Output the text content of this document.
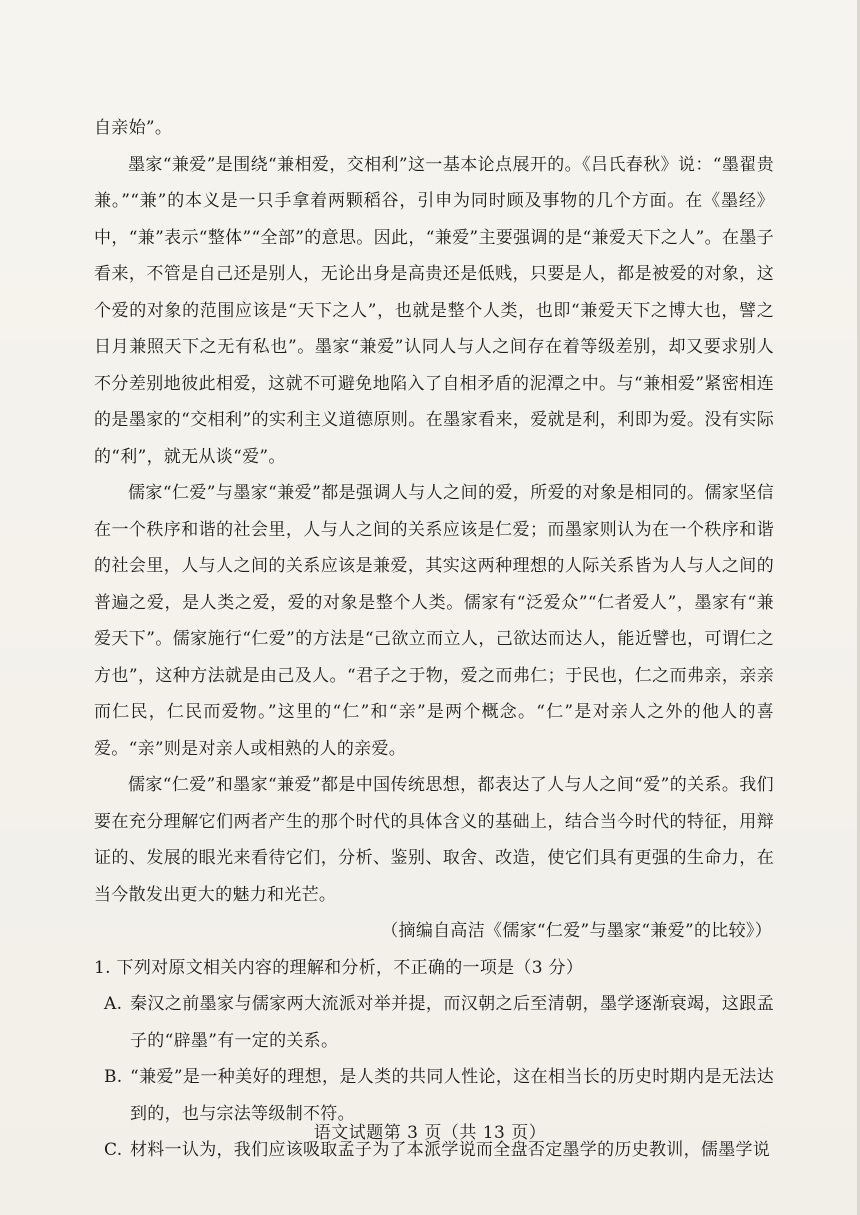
自亲始”。

墨家“兼爱”是围绕“兼相爱，交相利”这一基本论点展开的。《吕氏春秋》说：“墨翟贵兼。”“兼”的本义是一只手拿着两颗稻谷，引申为同时顾及事物的几个方面。在《墨经》中，“兼”表示“整体”“全部”的意思。因此，“兼爱”主要强调的是“兼爱天下之人”。在墨子看来，不管是自己还是别人，无论出身是高贵还是低贱，只要是人，都是被爱的对象，这个爱的对象的范围应该是“天下之人”，也就是整个人类，也即“兼爱天下之博大也，譬之日月兼照天下之无有私也”。墨家“兼爱”认同人与人之间存在着等级差别，却又要求别人不分差别地彼此相爱，这就不可避免地陷入了自相矛盾的泥潭之中。与“兼相爱”紧密相连的是墨家的“交相利”的实利主义道德原则。在墨家看来，爱就是利，利即为爱。没有实际的“利”，就无从谈“爱”。

儒家“仁爱”与墨家“兼爱”都是强调人与人之间的爱，所爱的对象是相同的。儒家坚信在一个秩序和谐的社会里，人与人之间的关系应该是仁爱；而墨家则认为在一个秩序和谐的社会里，人与人之间的关系应该是兼爱，其实这两种理想的人际关系皆为人与人之间的普遍之爱，是人类之爱，爱的对象是整个人类。儒家有“泛爱众”“仁者爱人”，墨家有“兼爱天下”。儒家施行“仁爱”的方法是“己欲立而立人，己欲达而达人，能近譬也，可谓仁之方也”，这种方法就是由己及人。“君子之于物，爱之而弗仁；于民也，仁之而弗亲，亲亲而仁民，仁民而爱物。”这里的“仁”和“亲”是两个概念。“仁”是对亲人之外的他人的喜爱。“亲”则是对亲人或相熟的人的亲爱。

儒家“仁爱”和墨家“兼爱”都是中国传统思想，都表达了人与人之间“爱”的关系。我们要在充分理解它们两者产生的那个时代的具体含义的基础上，结合当今时代的特征，用辩证的、发展的眼光来看待它们，分析、鉴别、取舍、改造，使它们具有更强的生命力，在当今散发出更大的魅力和光芒。

（摘编自高洁《儒家“仁爱”与墨家“兼爱”的比较》）

1. 下列对原文相关内容的理解和分析，不正确的一项是（3 分）

A. 秦汉之前墨家与儒家两大流派对举并提，而汉朝之后至清朝，墨学逐渐衰竭，这跟孟子的“辟墨”有一定的关系。
B. “兼爱”是一种美好的理想，是人类的共同人性论，这在相当长的历史时期内是无法达到的，也与宗法等级制不符。
C. 材料一认为，我们应该吸取孟子为了本派学说而全盘否定墨学的历史教训，儒墨学说
语文试题第 3 页（共 13 页）
